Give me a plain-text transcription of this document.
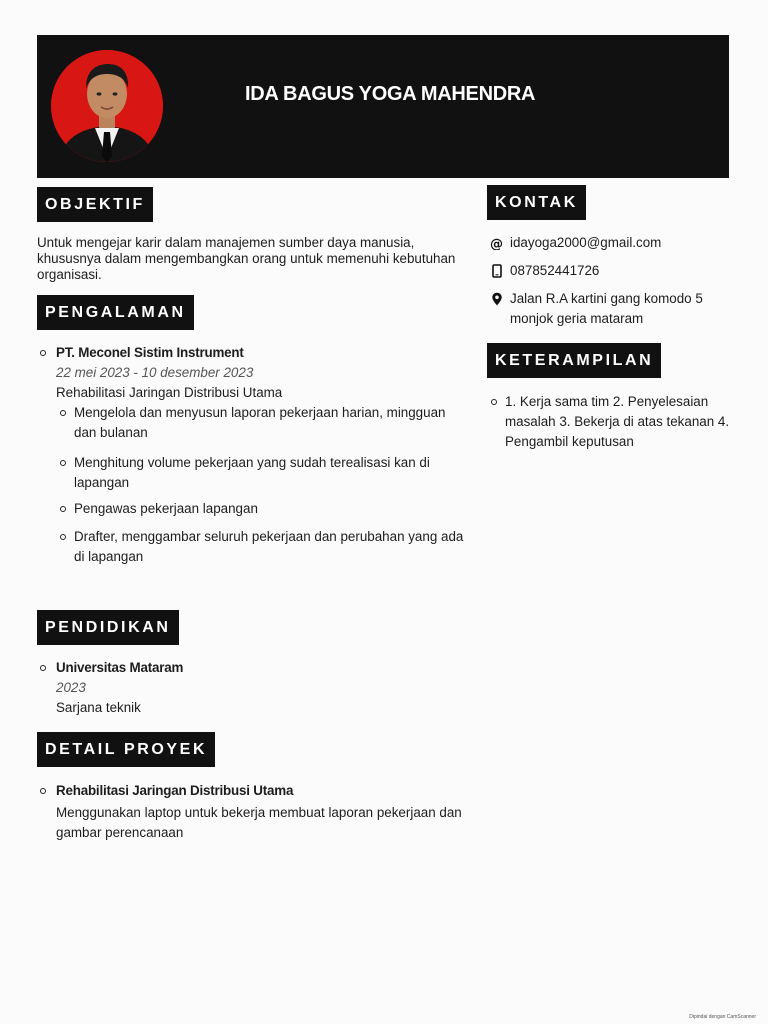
IDA BAGUS YOGA MAHENDRA
OBJEKTIF
Untuk mengejar karir dalam manajemen sumber daya manusia, khususnya dalam mengembangkan orang untuk memenuhi kebutuhan organisasi.
PENGALAMAN
PT. Meconel Sistim Instrument
22 mei 2023 - 10 desember 2023
Rehabilitasi Jaringan Distribusi Utama
Mengelola dan menyusun laporan pekerjaan harian, mingguan dan bulanan
Menghitung volume pekerjaan yang sudah terealisasi kan di lapangan
Pengawas pekerjaan lapangan
Drafter, menggambar seluruh pekerjaan dan perubahan yang ada di lapangan
PENDIDIKAN
Universitas Mataram
2023
Sarjana teknik
DETAIL PROYEK
Rehabilitasi Jaringan Distribusi Utama
Menggunakan laptop untuk bekerja membuat laporan pekerjaan dan gambar perencanaan
KONTAK
@ idayoga2000@gmail.com
087852441726
Jalan R.A kartini gang komodo 5 monjok geria mataram
KETERAMPILAN
1. Kerja sama tim 2. Penyelesaian masalah 3. Bekerja di atas tekanan 4. Pengambil keputusan
Dipindai dengan CamScanner
